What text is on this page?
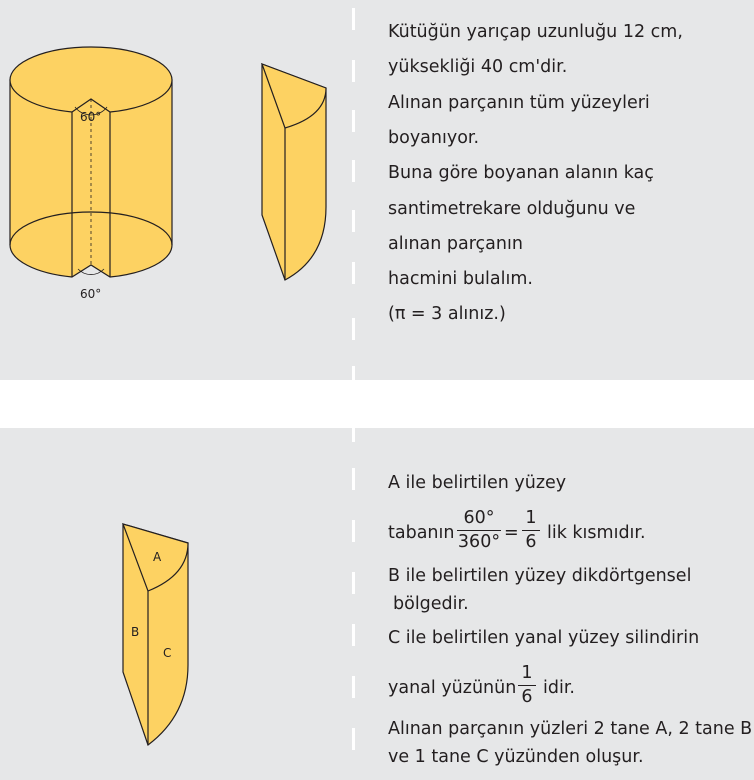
60°
60°
A
B
C
Kütüğün yarıçap uzunluğu 12 cm,
yüksekliği 40 cm'dir.
Alınan parçanın tüm yüzeyleri
boyanıyor.
Buna göre boyanan alanın kaç
santimetrekare olduğunu ve
alınan parçanın
hacmini bulalım.
(π = 3 alınız.)
A ile belirtilen yüzey
tabanın
60°
360° =
1
6 lik kısmıdır.
B ile belirtilen yüzey dikdörtgensel
bölgedir.
C ile belirtilen yanal yüzey silindirin
yanal yüzünün
1
6 idir.
Alınan parçanın yüzleri 2 tane A, 2 tane B
ve 1 tane C yüzünden oluşur.
